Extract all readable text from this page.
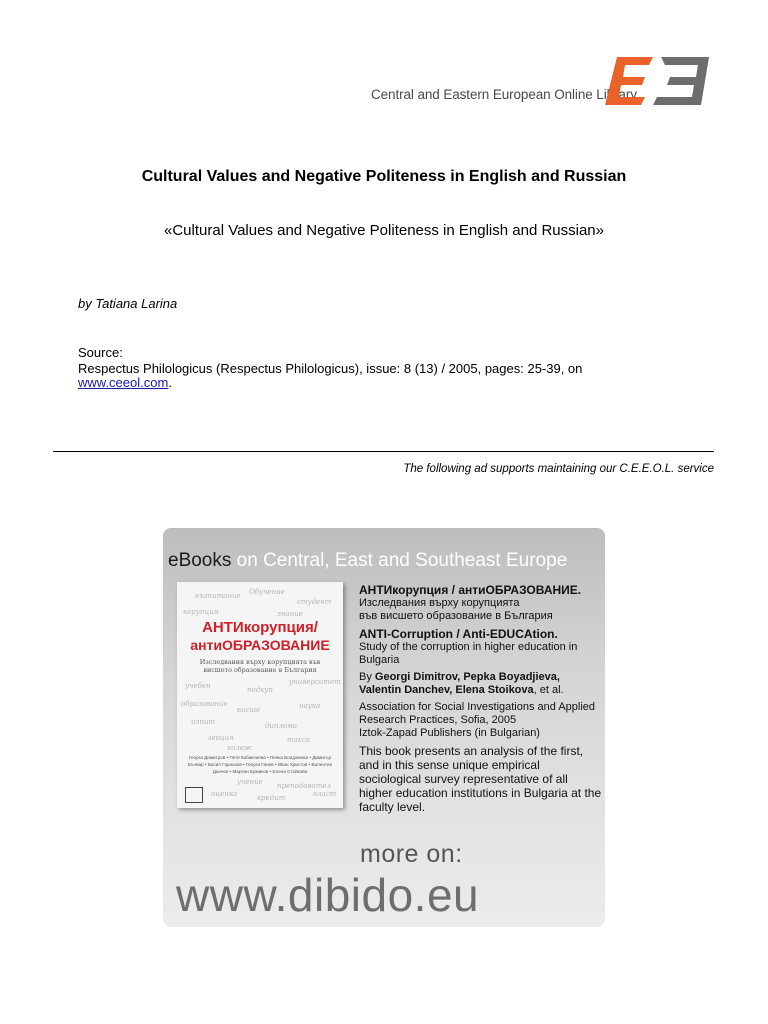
Central and Eastern European Online Library
Cultural Values and Negative Politeness in English and Russian
«Cultural Values and Negative Politeness in English and Russian»
by Tatiana Larina
Source:
Respectus Philologicus (Respectus Philologicus), issue: 8 (13) / 2005, pages: 25-39, on www.ceeol.com.
The following ad supports maintaining our C.E.E.O.L. service
eBooks on Central, East and Southeast Europe
възпитание Обучение
студент
корупция	знание
учебен	подкуп
университет
образование
висше	наука
изпит	диплома
лекция	такса
колеж
оценка	кредит
преподавател
власт
учение
АНТИкорупция/
антиОБРАЗОВАНИЕ
Изследвания върху корупцията във висшето образование в България
Георги Димитров • Петя Кабакчиева • Пенка Бояджиева • Димитър Бъчвар • Васил Гарнизов • Георги Ганев • Иван Христов • Валентин Данчев • Мартин Ермиков • Елена Стойкова
АНТИкорупция / антиОБРАЗОВАНИЕ.
Изследвания върху корупцията
във висшето образование в България
ANTI-Corruption / Anti-EDUCAtion.
Study of the corruption in higher education in Bulgaria
By Georgi Dimitrov, Pepka Boyadjieva, Valentin Danchev, Elena Stoikova, et al.
Association for Social Investigations and Applied Research Practices, Sofia, 2005
Iztok-Zapad Publishers (in Bulgarian)
This book presents an analysis of the first, and in this sense unique empirical sociological survey representative of all higher education institutions in Bulgaria at the faculty level.
more on:
www.dibido.eu
